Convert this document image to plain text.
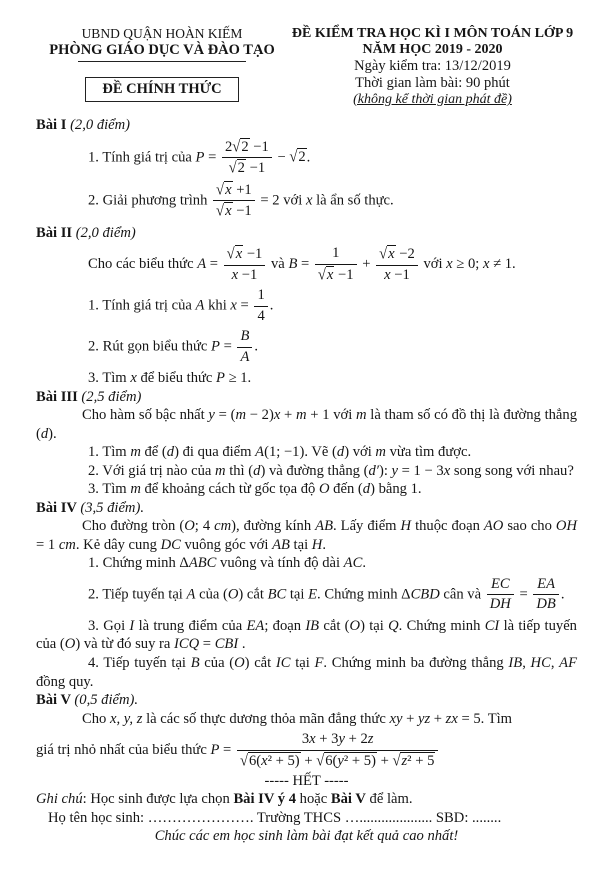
UBND QUẬN HOÀN KIẾM
PHÒNG GIÁO DỤC VÀ ĐÀO TẠO
ĐỀ CHÍNH THỨC
ĐỀ KIỂM TRA HỌC KÌ I MÔN TOÁN LỚP 9
NĂM HỌC 2019 - 2020
Ngày kiểm tra: 13/12/2019
Thời gian làm bài: 90 phút
(không kể thời gian phát đề)
Bài I (2,0 điểm)
1. Tính giá trị của $P = \frac{2√2 -1}{√2 -1} - √2$.
2. Giải phương trình $\frac{√x +1}{√x -1} = 2$ với x là ẩn số thực.
Bài II (2,0 điểm)
Cho các biểu thức $A = \frac{√x -1}{x -1}$ và $B = \frac{1}{√x -1} + \frac{√x -2}{x -1}$ với x ≥ 0; x ≠ 1.
1. Tính giá trị của A khi $x = \frac{1}{4}$ .
2. Rút gọn biểu thức $P = \frac{B}{A}$ .
3. Tìm x để biểu thức P ≥ 1.
Bài III (2,5 điểm)
Cho hàm số bậc nhất y = (m − 2)x + m + 1 với m là tham số có đồ thị là đường thẳng (d).
1. Tìm m để (d) đi qua điểm A(1; −1). Vẽ (d) với m vừa tìm được.
2. Với giá trị nào của m thì (d) và đường thẳng (d′): y = 1 − 3x song song với nhau?
3. Tìm m để khoảng cách từ gốc tọa độ O đến (d) bằng 1.
Bài IV (3,5 điểm).
Cho đường tròn (O; 4 cm), đường kính AB. Lấy điểm H thuộc đoạn AO sao cho OH = 1 cm. Kẻ dây cung DC vuông góc với AB tại H.
1. Chứng minh ΔABC vuông và tính độ dài AC.
2. Tiếp tuyến tại A của (O) cắt BC tại E. Chứng minh ΔCBD cân và $\frac{EC}{DH} = \frac{EA}{DB}$ .
3. Gọi I là trung điểm của EA; đoạn IB cắt (O) tại Q. Chứng minh CI là tiếp tuyến của (O) và từ đó suy ra ICQ = CBI .
4. Tiếp tuyến tại B của (O) cắt IC tại F. Chứng minh ba đường thẳng IB, HC, AF đồng quy.
Bài V (0,5 điểm).
Cho x, y, z là các số thực dương thỏa mãn đẳng thức xy + yz + zx = 5. Tìm
giá trị nhỏ nhất của biểu thức $P = \frac{3x + 3y + 2z}{\text{√6(x² + 5) + √6(y² + 5) + √z² + 5}}$
----- HẾT -----
Ghi chú: Học sinh được lựa chọn Bài IV ý 4 hoặc Bài V để làm.
Họ tên học sinh: …………………. Trường THCS ….................... SBD: ........
Chúc các em học sinh làm bài đạt kết quả cao nhất!
